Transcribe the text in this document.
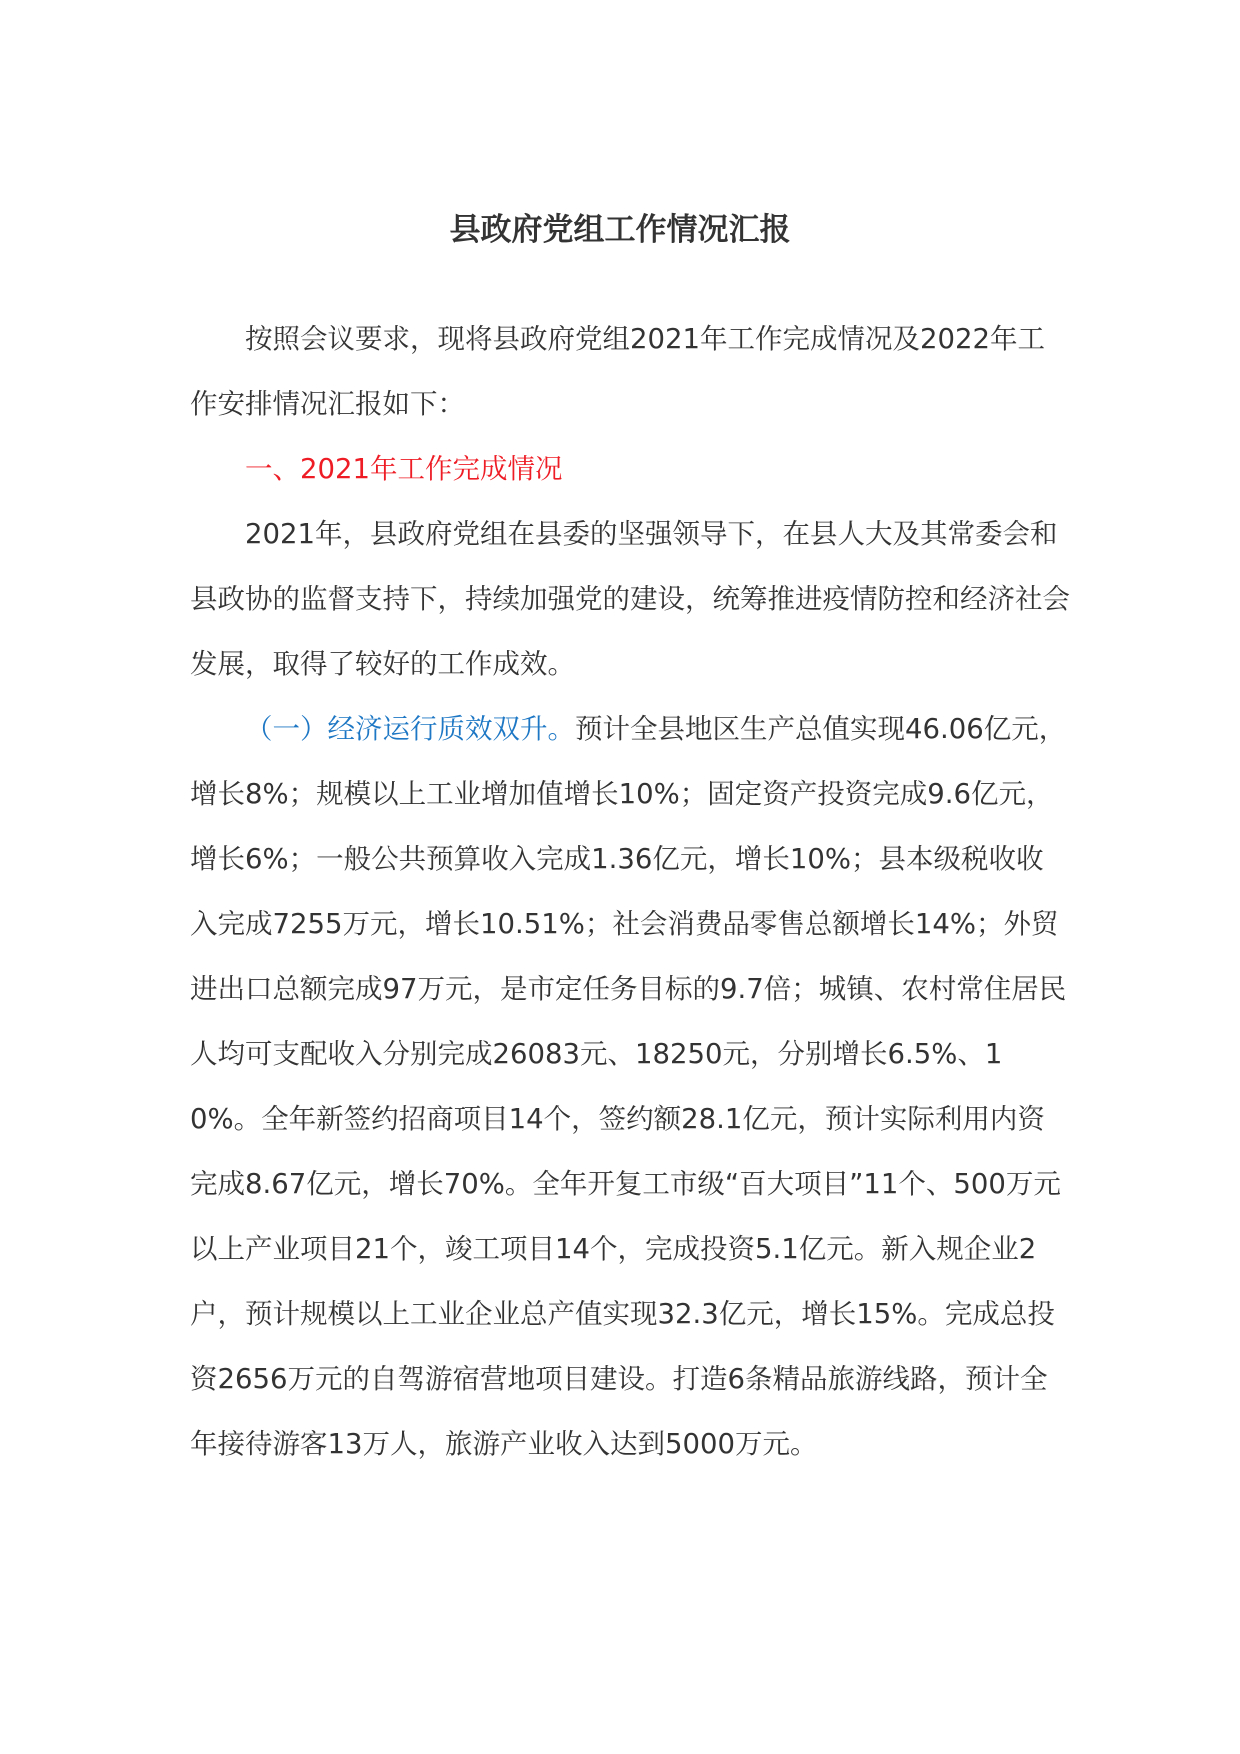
县政府党组工作情况汇报

按照会议要求，现将县政府党组2021年工作完成情况及2022年工作安排情况汇报如下：

一、2021年工作完成情况

2021年，县政府党组在县委的坚强领导下，在县人大及其常委会和县政协的监督支持下，持续加强党的建设，统筹推进疫情防控和经济社会发展，取得了较好的工作成效。

（一）经济运行质效双升。预计全县地区生产总值实现46.06亿元，增长8%；规模以上工业增加值增长10%；固定资产投资完成9.6亿元，增长6%；一般公共预算收入完成1.36亿元，增长10%；县本级税收收入完成7255万元，增长10.51%；社会消费品零售总额增长14%；外贸进出口总额完成97万元，是市定任务目标的9.7倍；城镇、农村常住居民人均可支配收入分别完成26083元、18250元，分别增长6.5%、10%。全年新签约招商项目14个，签约额28.1亿元，预计实际利用内资完成8.67亿元，增长70%。全年开复工市级“百大项目”11个、500万元以上产业项目21个，竣工项目14个，完成投资5.1亿元。新入规企业2户，预计规模以上工业企业总产值实现32.3亿元，增长15%。完成总投资2656万元的自驾游宿营地项目建设。打造6条精品旅游线路，预计全年接待游客13万人，旅游产业收入达到5000万元。
